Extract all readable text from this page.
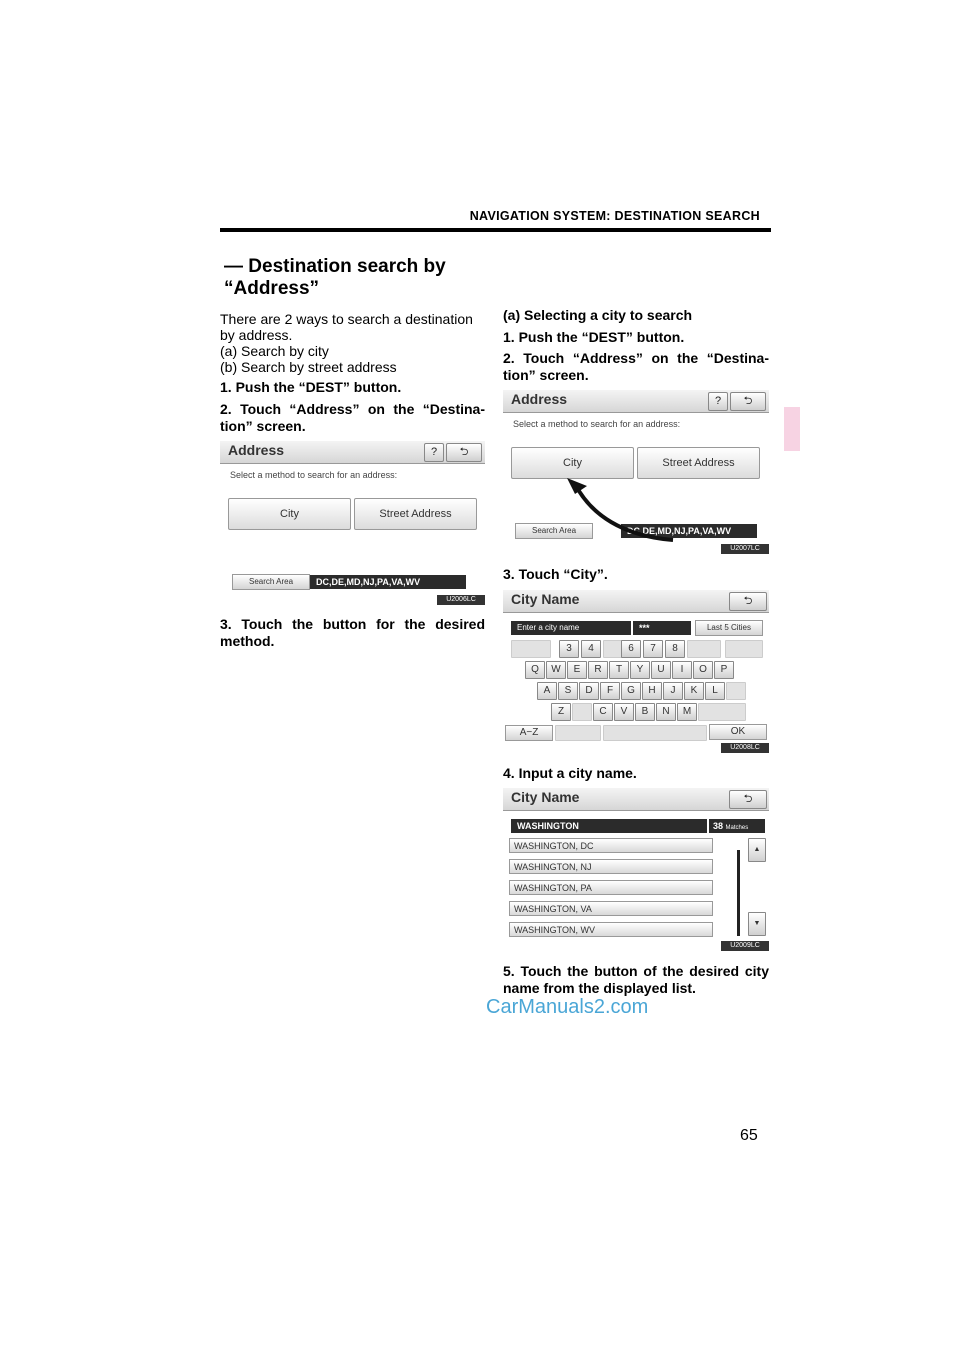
NAVIGATION SYSTEM: DESTINATION SEARCH
— Destination search by
“Address”
There are 2 ways to search a destination
by address.
(a) Search by city
(b) Search by street address
1. Push the “DEST” button.
2. Touch “Address” on the “Destina-
tion” screen.
Address	?	⮌
Select a method to search for an address:
City	Street Address
Search Area	DC,DE,MD,NJ,PA,VA,WV
U2006LC
3. Touch the button for the desired
method.
(a) Selecting a city to search
1. Push the “DEST” button.
2. Touch “Address” on the “Destina-
tion” screen.
Address	?	⮌
Select a method to search for an address:
City	Street Address
Search Area	DC,DE,MD,NJ,PA,VA,WV
U2007LC
3. Touch “City”.
City Name	⮌
Enter a city name	***	Last 5 Cities
3	4	6	7	8
Q	W	E	R	T	Y	U	I	O	P
A	S	D	F	G	H	J	K	L
Z	C	V	B	N	M
A−Z	OK
U2008LC
4. Input a city name.
City Name	⮌
WASHINGTON	38 Matches
WASHINGTON, DC
WASHINGTON, NJ
WASHINGTON, PA
WASHINGTON, VA
WASHINGTON, WV
▲
▼
U2009LC
5. Touch the button of the desired city
name from the displayed list.
CarManuals2.com
65
